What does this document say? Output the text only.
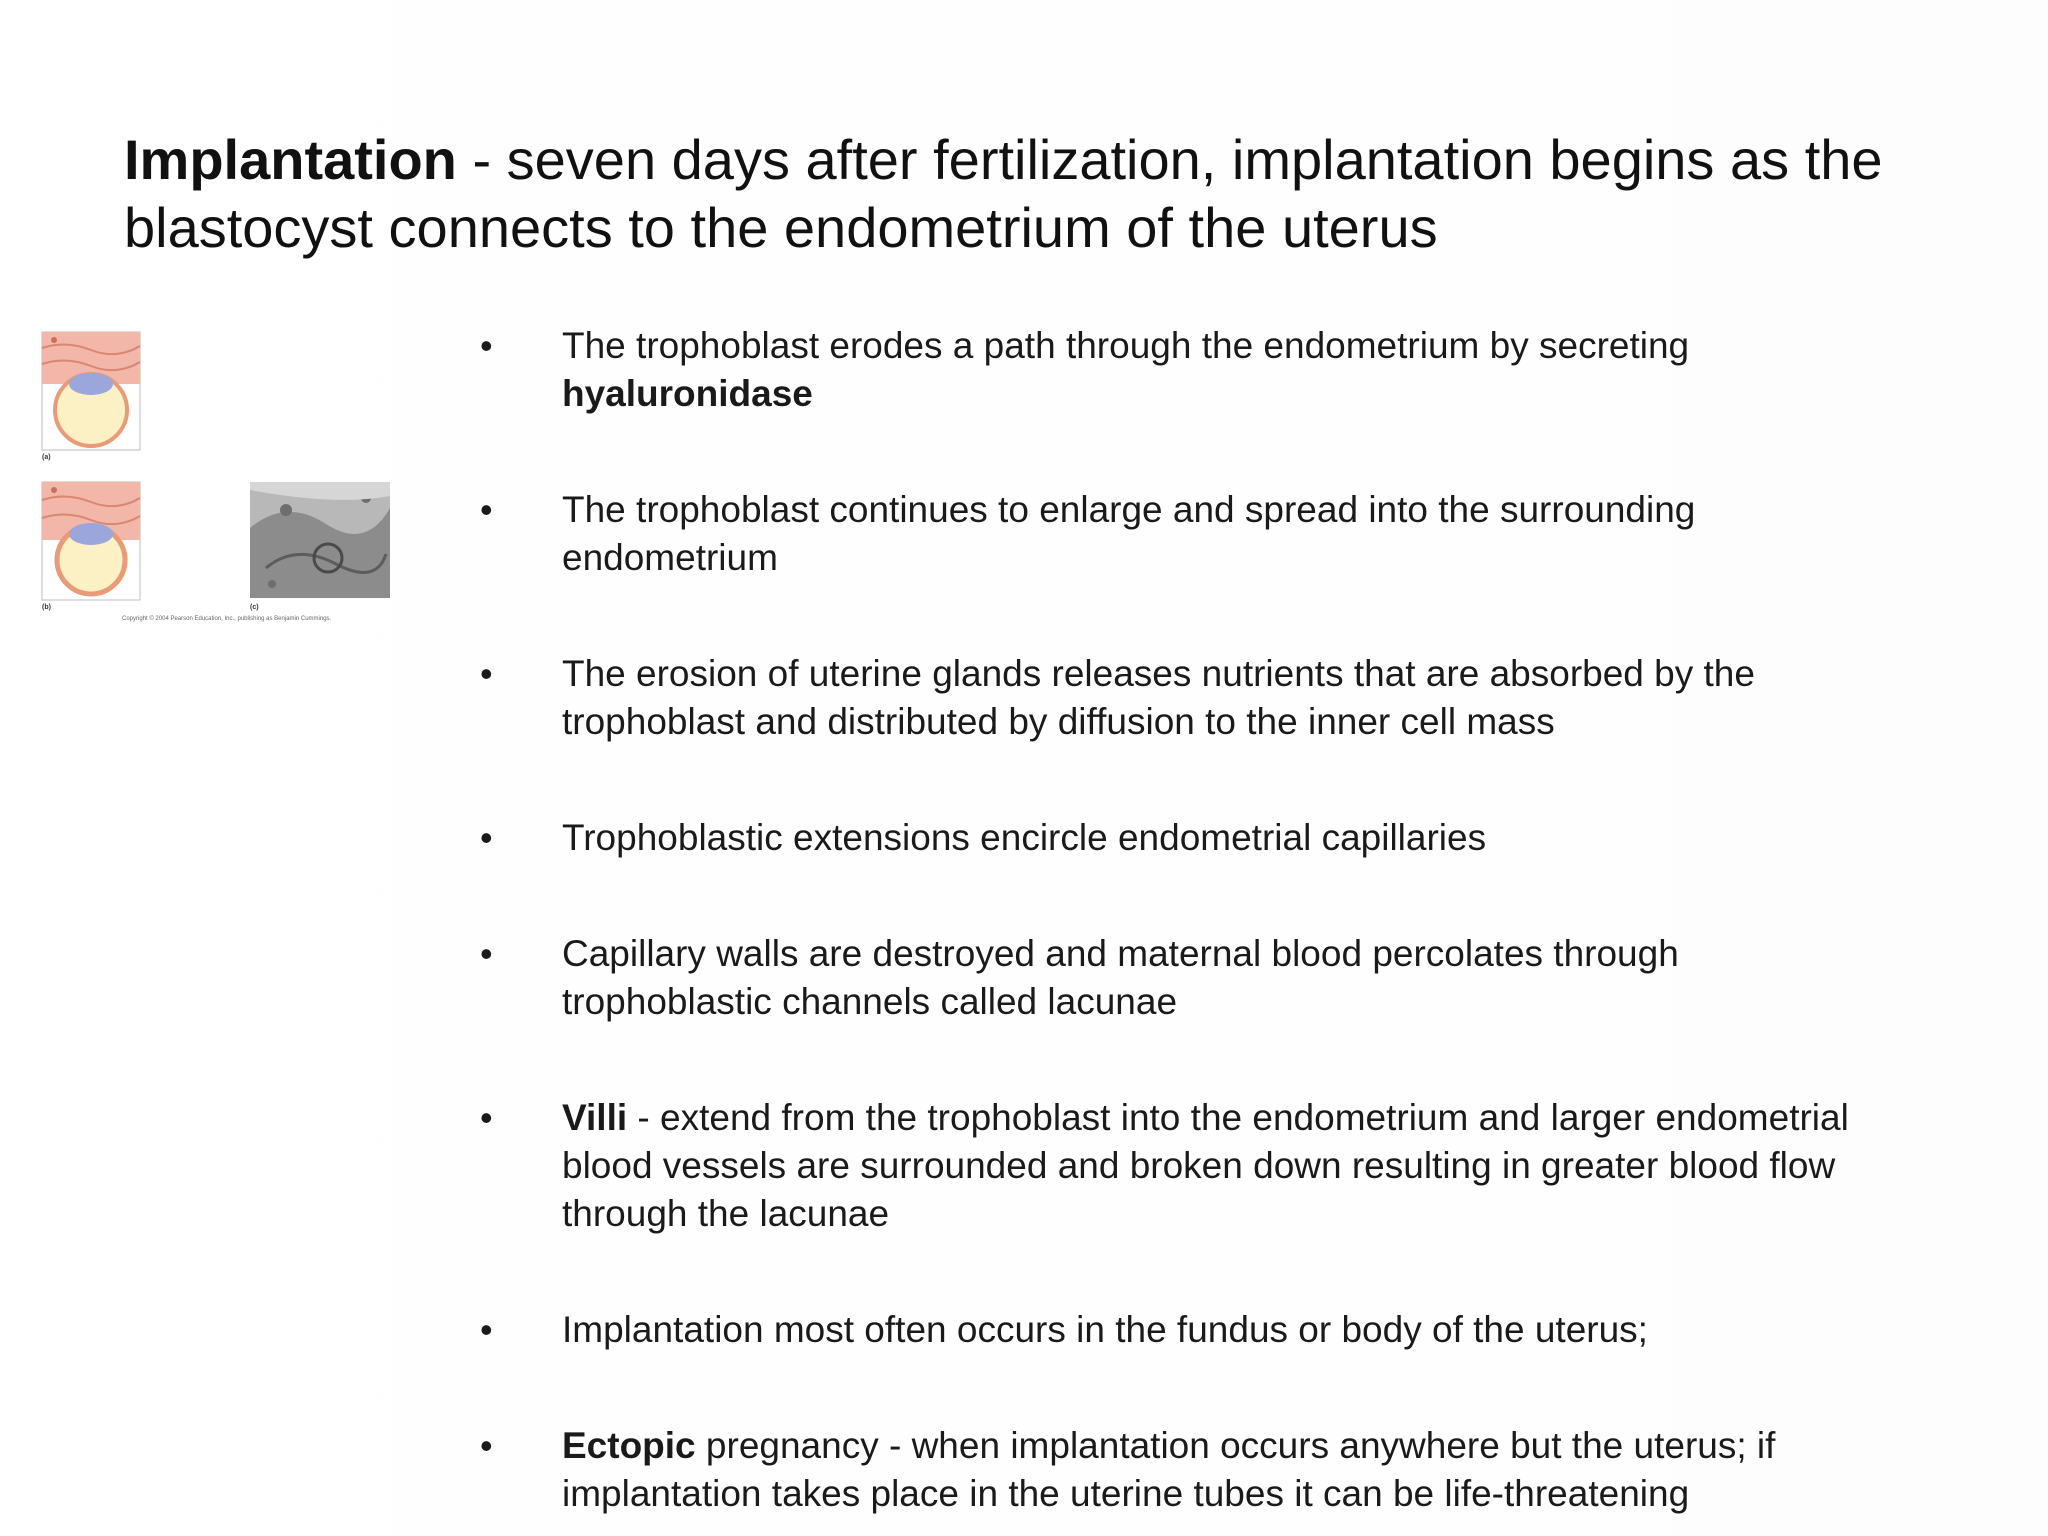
Implantation - seven days after fertilization, implantation begins as the blastocyst connects to the endometrium of the uterus
(a)
(b)	(c)
Copyright © 2004 Pearson Education, Inc., publishing as Benjamin Cummings.
• The trophoblast erodes a path through the endometrium by secreting hyaluronidase
• The trophoblast continues to enlarge and spread into the surrounding endometrium
• The erosion of uterine glands releases nutrients that are absorbed by the trophoblast and distributed by diffusion to the inner cell mass
• Trophoblastic extensions encircle endometrial capillaries
• Capillary walls are destroyed and maternal blood percolates through trophoblastic channels called lacunae
• Villi - extend from the trophoblast into the endometrium and larger endometrial blood vessels are surrounded and broken down resulting in greater blood flow through the lacunae
• Implantation most often occurs in the fundus or body of the uterus;
• Ectopic pregnancy - when implantation occurs anywhere but the uterus; if implantation takes place in the uterine tubes it can be life-threatening
